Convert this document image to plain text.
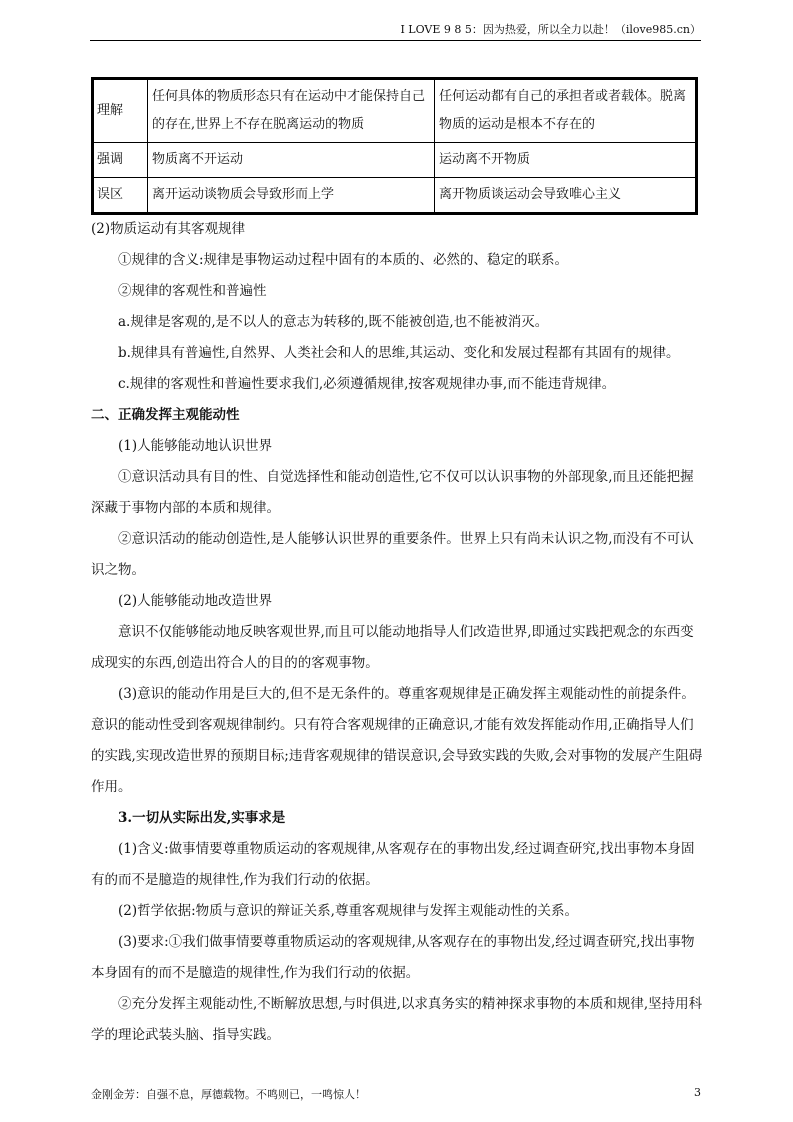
I LOVE 9 8 5：因为热爱，所以全力以赴！（ilove985.cn）
理解	任何具体的物质形态只有在运动中才能保持自己的存在,世界上不存在脱离运动的物质	任何运动都有自己的承担者或者载体。脱离物质的运动是根本不存在的
强调	物质离不开运动	运动离不开物质
误区	离开运动谈物质会导致形而上学	离开物质谈运动会导致唯心主义

(2)物质运动有其客观规律

①规律的含义:规律是事物运动过程中固有的本质的、必然的、稳定的联系。

②规律的客观性和普遍性

a.规律是客观的,是不以人的意志为转移的,既不能被创造,也不能被消灭。

b.规律具有普遍性,自然界、人类社会和人的思维,其运动、变化和发展过程都有其固有的规律。

c.规律的客观性和普遍性要求我们,必须遵循规律,按客观规律办事,而不能违背规律。

二、正确发挥主观能动性

(1)人能够能动地认识世界

①意识活动具有目的性、自觉选择性和能动创造性,它不仅可以认识事物的外部现象,而且还能把握深藏于事物内部的本质和规律。

②意识活动的能动创造性,是人能够认识世界的重要条件。世界上只有尚未认识之物,而没有不可认识之物。

(2)人能够能动地改造世界

意识不仅能够能动地反映客观世界,而且可以能动地指导人们改造世界,即通过实践把观念的东西变成现实的东西,创造出符合人的目的的客观事物。

(3)意识的能动作用是巨大的,但不是无条件的。尊重客观规律是正确发挥主观能动性的前提条件。意识的能动性受到客观规律制约。只有符合客观规律的正确意识,才能有效发挥能动作用,正确指导人们的实践,实现改造世界的预期目标;违背客观规律的错误意识,会导致实践的失败,会对事物的发展产生阻碍作用。

3.一切从实际出发,实事求是

(1)含义:做事情要尊重物质运动的客观规律,从客观存在的事物出发,经过调查研究,找出事物本身固有的而不是臆造的规律性,作为我们行动的依据。

(2)哲学依据:物质与意识的辩证关系,尊重客观规律与发挥主观能动性的关系。

(3)要求:①我们做事情要尊重物质运动的客观规律,从客观存在的事物出发,经过调查研究,找出事物本身固有的而不是臆造的规律性,作为我们行动的依据。

②充分发挥主观能动性,不断解放思想,与时俱进,以求真务实的精神探求事物的本质和规律,坚持用科学的理论武装头脑、指导实践。

金刚金芳：自强不息，厚德载物。不鸣则已，一鸣惊人！	3
